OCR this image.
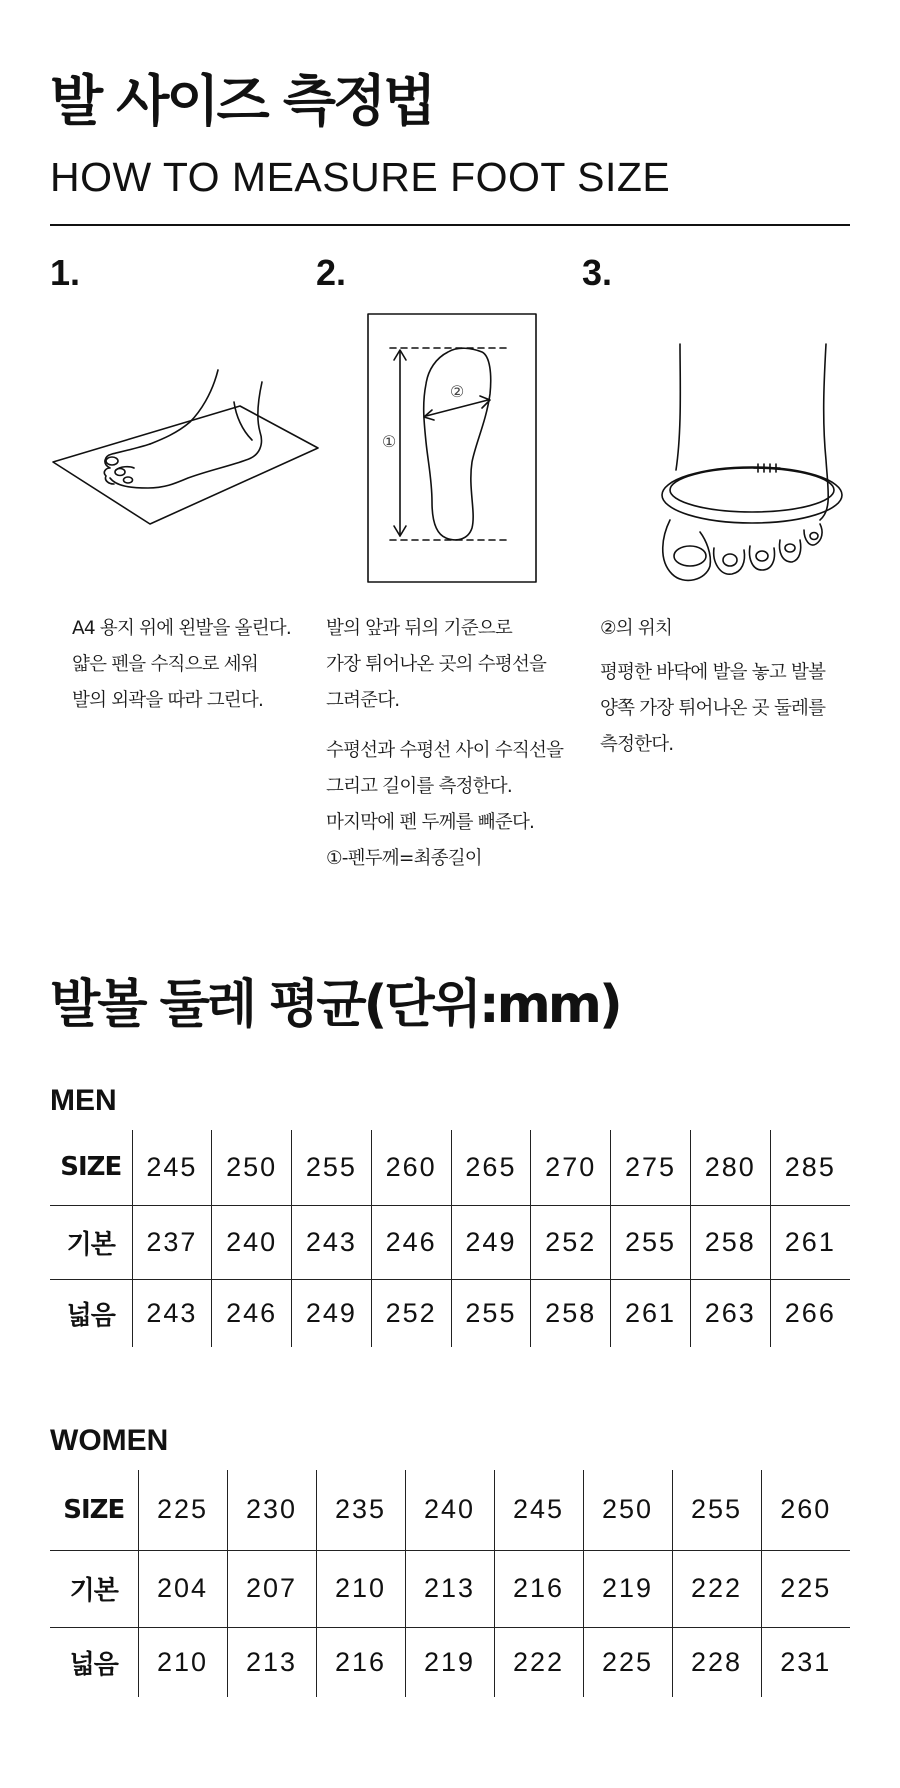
발 사이즈 측정법
HOW TO MEASURE FOOT SIZE
1.	2.	3.
①
②

A4 용지 위에 왼발을 올린다.

얇은 펜을 수직으로 세워

발의 외곽을 따라 그린다.

발의 앞과 뒤의 기준으로

가장 튀어나온 곳의 수평선을

그려준다.

수평선과 수평선 사이 수직선을

그리고 길이를 측정한다.

마지막에 펜 두께를 빼준다.

①-펜두께=최종길이

②의 위치

평평한 바닥에 발을 놓고 발볼

양쪽 가장 튀어나온 곳 둘레를

측정한다.

발볼 둘레 평균(단위:mm)
MEN
SIZE	245	250	255	260	265	270	275	280	285
기본	237	240	243	246	249	252	255	258	261
넓음	243	246	249	252	255	258	261	263	266
WOMEN
SIZE	225	230	235	240	245	250	255	260
기본	204	207	210	213	216	219	222	225
넓음	210	213	216	219	222	225	228	231
